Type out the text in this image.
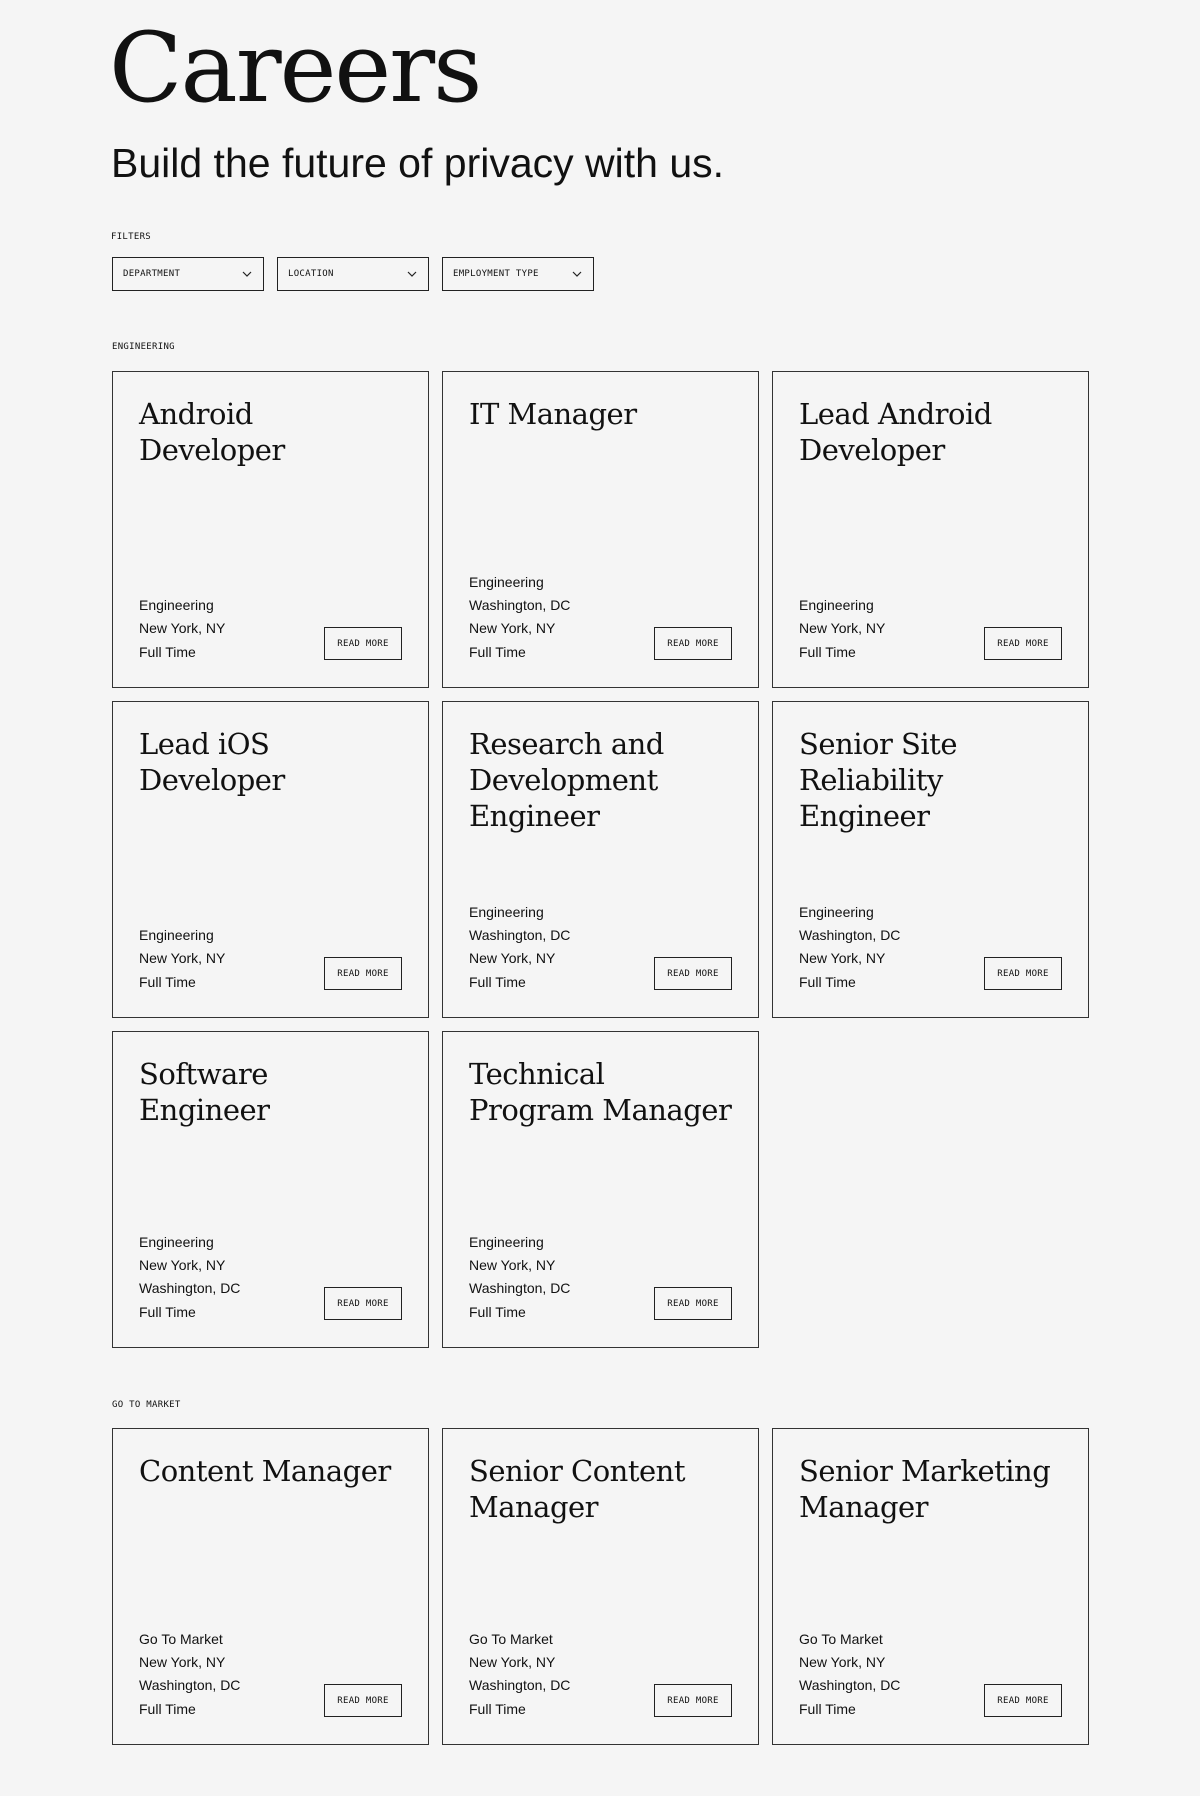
Careers
Build the future of privacy with us.
FILTERS
DEPARTMENT	LOCATION	EMPLOYMENT TYPE
ENGINEERING
Android Developer
Engineering
New York, NY
Full Time
READ MORE
IT Manager
Engineering
Washington, DC
New York, NY
Full Time
READ MORE
Lead Android Developer
Engineering
New York, NY
Full Time
READ MORE
Lead iOS Developer
Engineering
New York, NY
Full Time
READ MORE
Research and Development Engineer
Engineering
Washington, DC
New York, NY
Full Time
READ MORE
Senior Site Reliability Engineer
Engineering
Washington, DC
New York, NY
Full Time
READ MORE
Software Engineer
Engineering
New York, NY
Washington, DC
Full Time
READ MORE
Technical Program Manager
Engineering
New York, NY
Washington, DC
Full Time
READ MORE
GO TO MARKET
Content Manager
Go To Market
New York, NY
Washington, DC
Full Time
READ MORE
Senior Content Manager
Go To Market
New York, NY
Washington, DC
Full Time
READ MORE
Senior Marketing Manager
Go To Market
New York, NY
Washington, DC
Full Time
READ MORE
